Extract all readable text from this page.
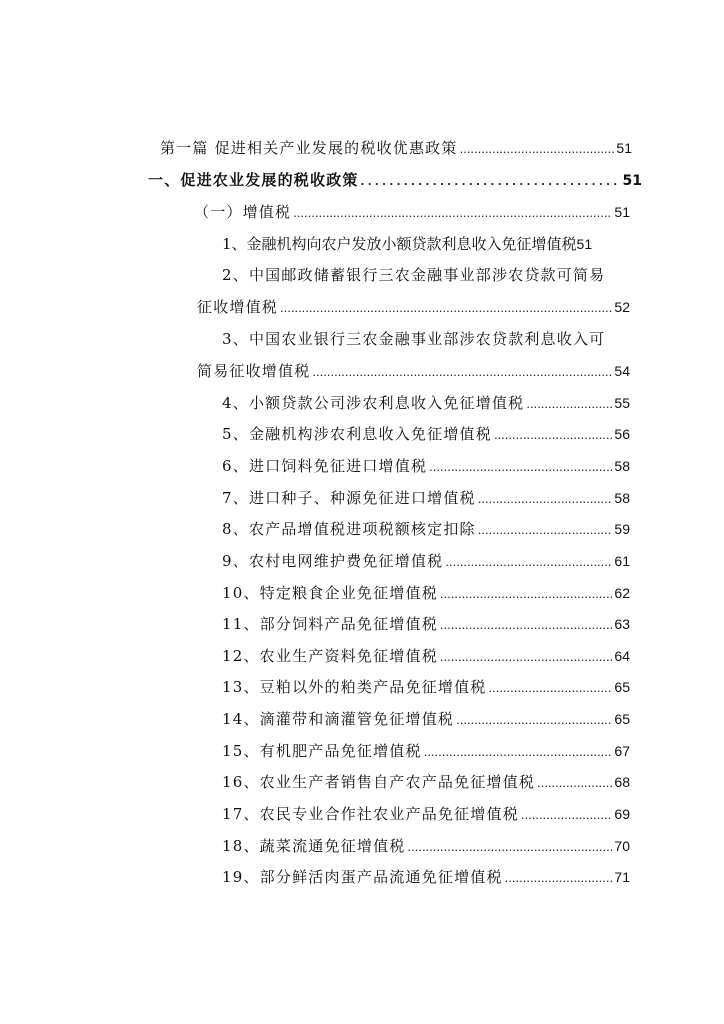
第一篇 促进相关产业发展的税收优惠政策 .....	51
一、促进农业发展的税收政策 . . .	51
（一）增值税 .....	51
1、金融机构向农户发放小额贷款利息收入免征增值税 51
2、中国邮政储蓄银行三农金融事业部涉农贷款可简易
征收增值税 .....	52
3、中国农业银行三农金融事业部涉农贷款利息收入可
简易征收增值税 .....	54
4、小额贷款公司涉农利息收入免征增值税 .....	55
5、金融机构涉农利息收入免征增值税 .....	56
6、进口饲料免征进口增值税 .....	58
7、进口种子、种源免征进口增值税 .....	58
8、农产品增值税进项税额核定扣除 .....	59
9、农村电网维护费免征增值税 .....	61
10、特定粮食企业免征增值税 .....	62
11、部分饲料产品免征增值税 .....	63
12、农业生产资料免征增值税 .....	64
13、豆粕以外的粕类产品免征增值税 .....	65
14、滴灌带和滴灌管免征增值税 .....	65
15、有机肥产品免征增值税 .....	67
16、农业生产者销售自产农产品免征增值税 .....	68
17、农民专业合作社农业产品免征增值税 .....	69
18、蔬菜流通免征增值税 .....	70
19、部分鲜活肉蛋产品流通免征增值税 .....	71
